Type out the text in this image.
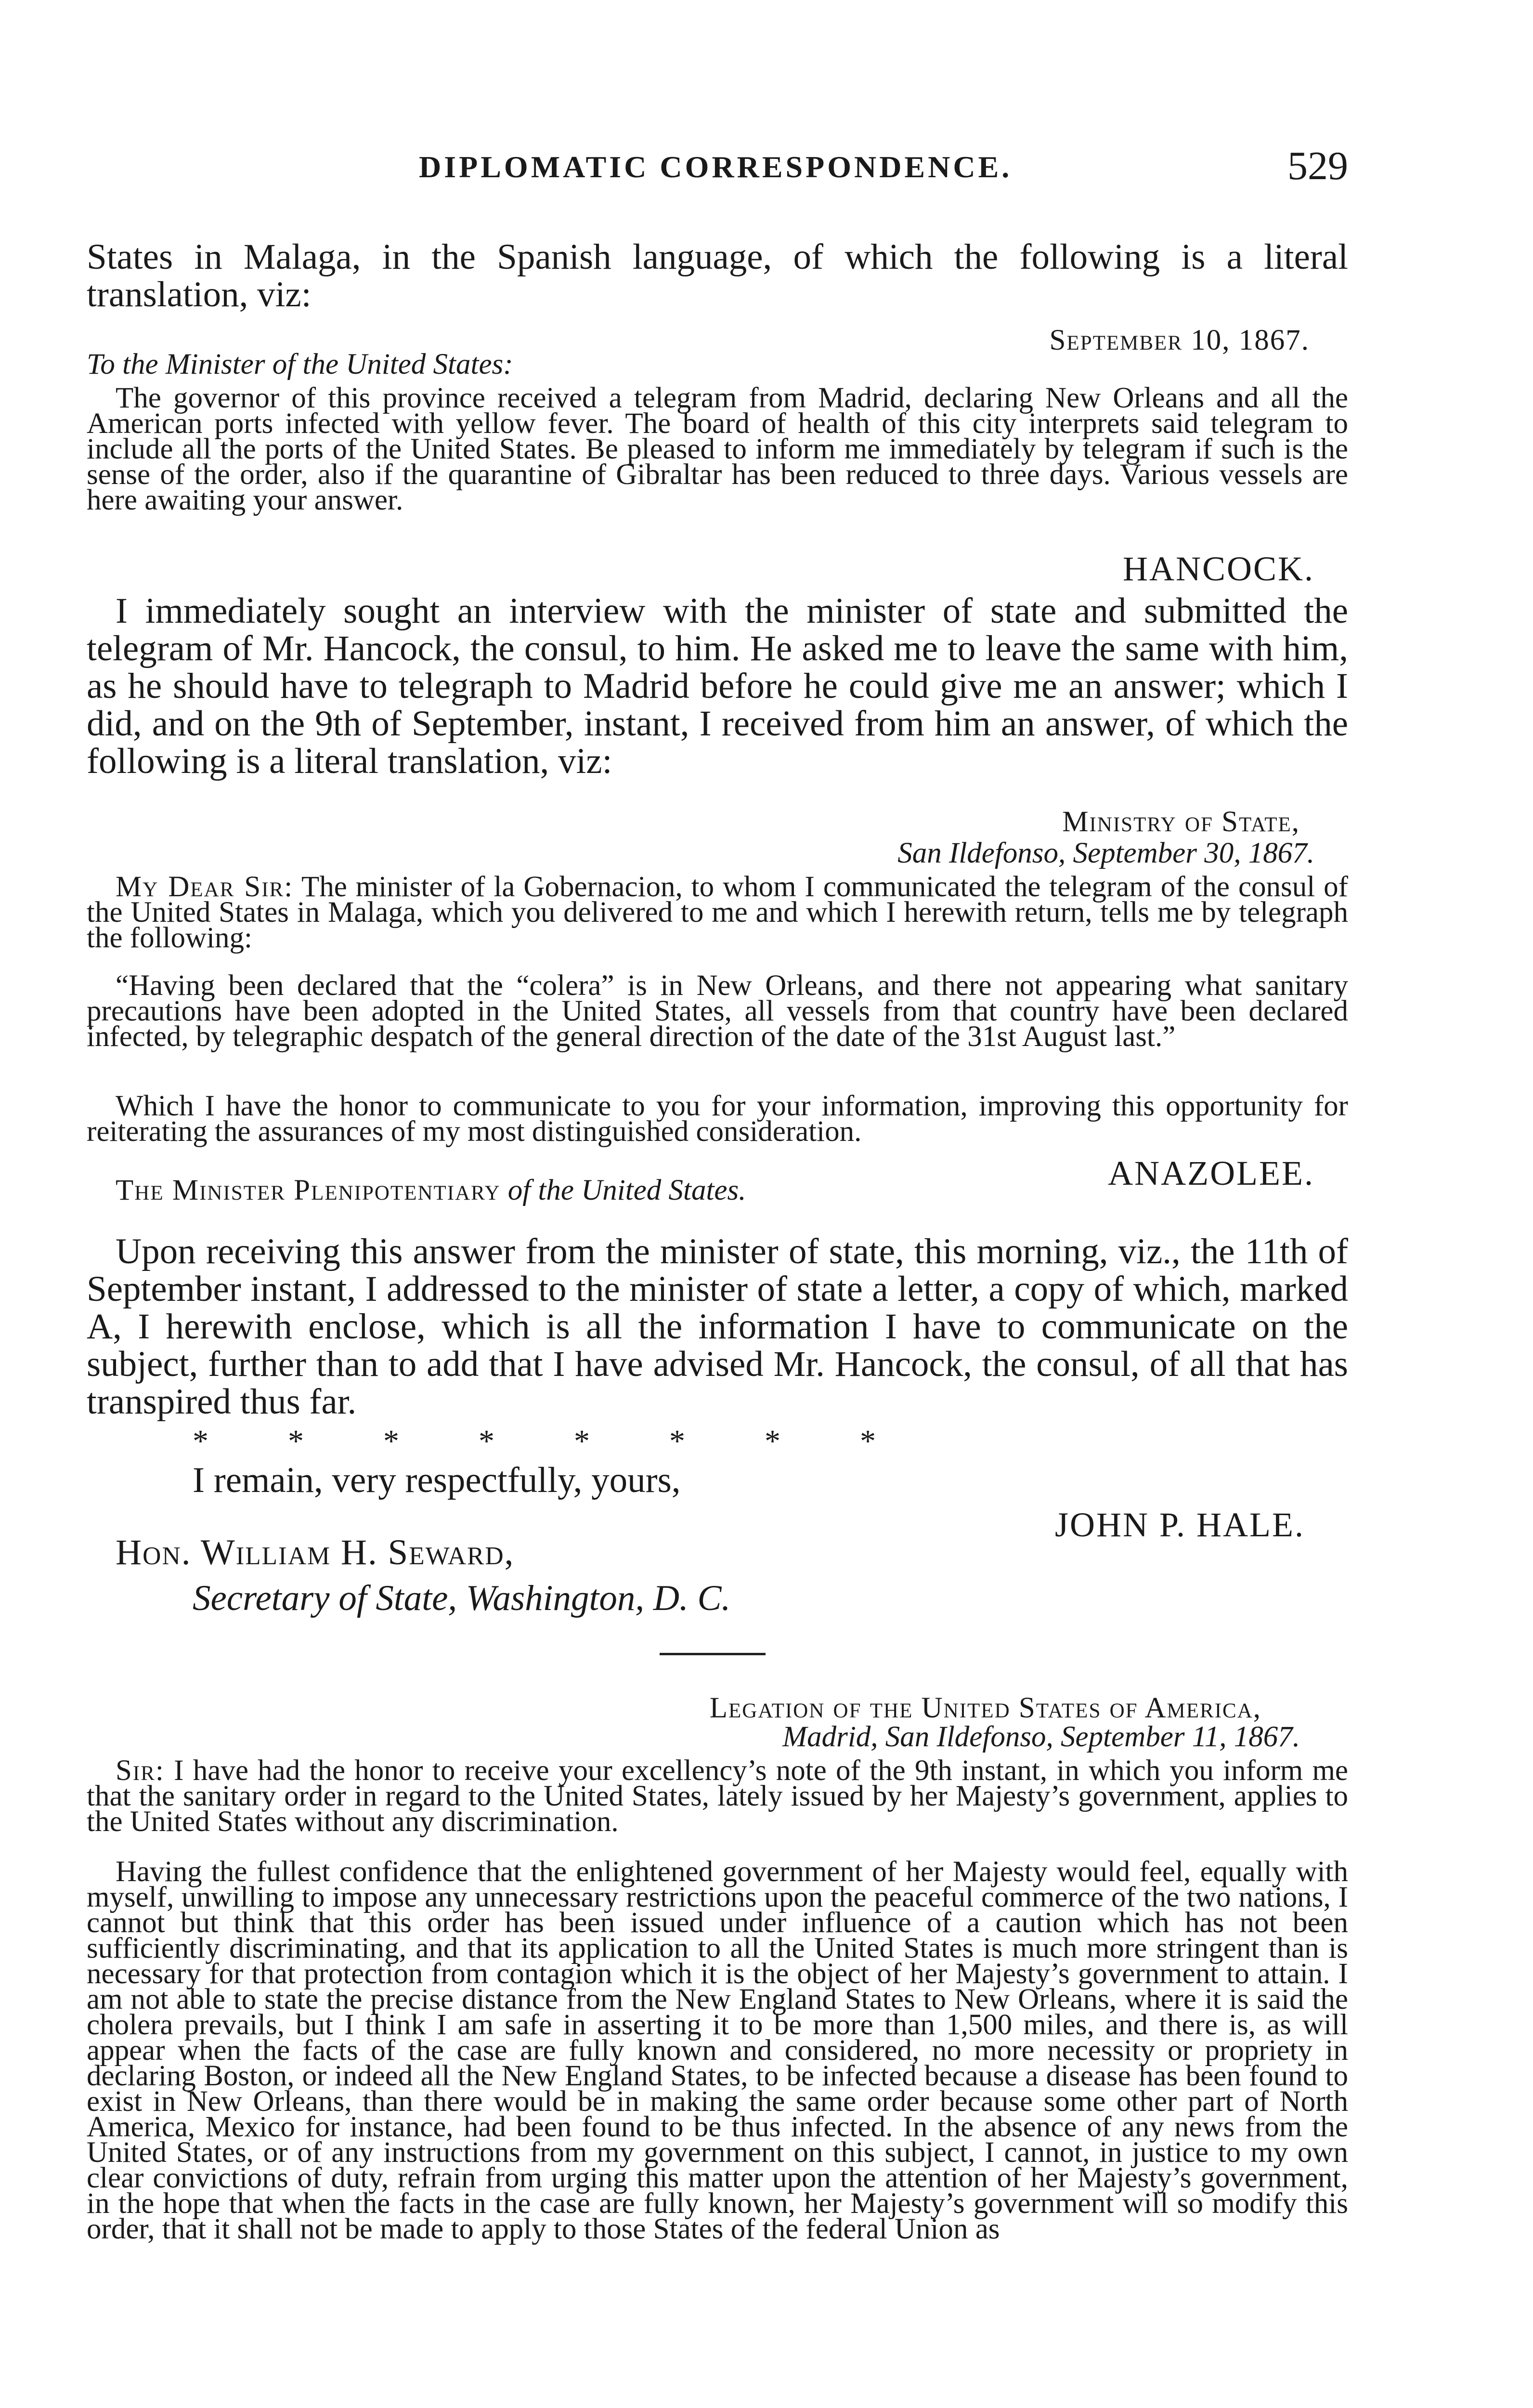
DIPLOMATIC CORRESPONDENCE.	529

States in Malaga, in the Spanish language, of which the following is a literal translation, viz:

September 10, 1867.

To the Minister of the United States:

The governor of this province received a telegram from Madrid, declaring New Orleans and all the American ports infected with yellow fever. The board of health of this city interprets said telegram to include all the ports of the United States. Be pleased to inform me immediately by telegram if such is the sense of the order, also if the quarantine of Gibraltar has been reduced to three days. Various vessels are here awaiting your answer.

HANCOCK.

I immediately sought an interview with the minister of state and submitted the telegram of Mr. Hancock, the consul, to him. He asked me to leave the same with him, as he should have to telegraph to Madrid before he could give me an answer; which I did, and on the 9th of September, instant, I received from him an answer, of which the following is a literal translation, viz:

Ministry of State,

San Ildefonso, September 30, 1867.

My Dear Sir: The minister of la Gobernacion, to whom I communicated the telegram of the consul of the United States in Malaga, which you delivered to me and which I herewith return, tells me by telegraph the following:

“Having been declared that the “colera” is in New Orleans, and there not appearing what sanitary precautions have been adopted in the United States, all vessels from that country have been declared infected, by telegraphic despatch of the general direction of the date of the 31st August last.”

Which I have the honor to communicate to you for your information, improving this opportunity for reiterating the assurances of my most distinguished consideration.

ANAZOLEE.

The Minister Plenipotentiary of the United States.

Upon receiving this answer from the minister of state, this morning, viz., the 11th of September instant, I addressed to the minister of state a letter, a copy of which, marked A, I herewith enclose, which is all the information I have to communicate on the subject, further than to add that I have advised Mr. Hancock, the consul, of all that has transpired thus far.

*          *          *          *          *          *          *          *

I remain, very respectfully, yours,

JOHN P. HALE.

Hon. William H. Seward,

Secretary of State, Washington, D. C.

Legation of the United States of America,

Madrid, San Ildefonso, September 11, 1867.

Sir: I have had the honor to receive your excellency’s note of the 9th instant, in which you inform me that the sanitary order in regard to the United States, lately issued by her Majesty’s government, applies to the United States without any discrimination.

Having the fullest confidence that the enlightened government of her Majesty would feel, equally with myself, unwilling to impose any unnecessary restrictions upon the peaceful commerce of the two nations, I cannot but think that this order has been issued under influence of a caution which has not been sufficiently discriminating, and that its application to all the United States is much more stringent than is necessary for that protection from contagion which it is the object of her Majesty’s government to attain. I am not able to state the precise distance from the New England States to New Orleans, where it is said the cholera prevails, but I think I am safe in asserting it to be more than 1,500 miles, and there is, as will appear when the facts of the case are fully known and considered, no more necessity or propriety in declaring Boston, or indeed all the New England States, to be infected because a disease has been found to exist in New Orleans, than there would be in making the same order because some other part of North America, Mexico for instance, had been found to be thus infected. In the absence of any news from the United States, or of any instructions from my government on this subject, I cannot, in justice to my own clear convictions of duty, refrain from urging this matter upon the attention of her Majesty’s government, in the hope that when the facts in the case are fully known, her Majesty’s government will so modify this order, that it shall not be made to apply to those States of the federal Union as
